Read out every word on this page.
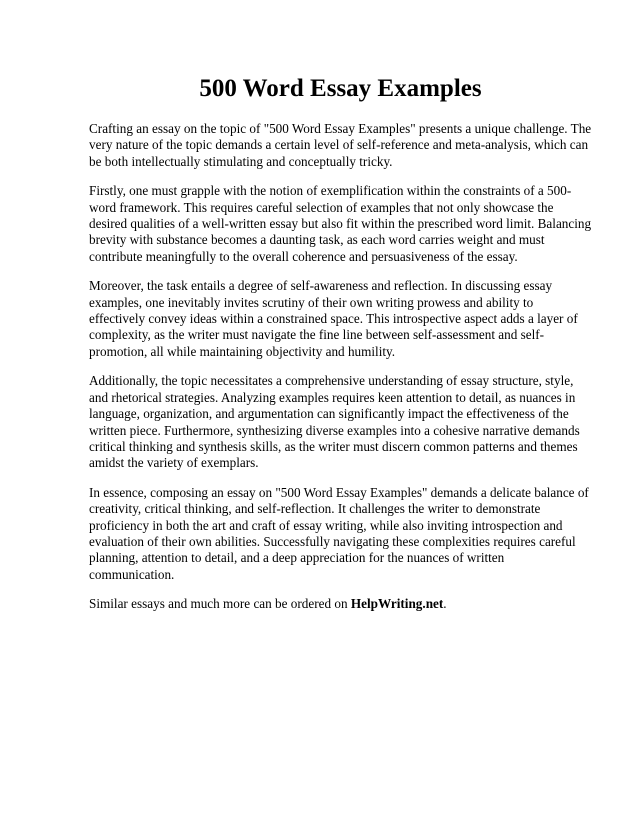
500 Word Essay Examples

Crafting an essay on the topic of "500 Word Essay Examples" presents a unique challenge. The very nature of the topic demands a certain level of self-reference and meta-analysis, which can be both intellectually stimulating and conceptually tricky.

Firstly, one must grapple with the notion of exemplification within the constraints of a 500-word framework. This requires careful selection of examples that not only showcase the desired qualities of a well-written essay but also fit within the prescribed word limit. Balancing brevity with substance becomes a daunting task, as each word carries weight and must contribute meaningfully to the overall coherence and persuasiveness of the essay.

Moreover, the task entails a degree of self-awareness and reflection. In discussing essay examples, one inevitably invites scrutiny of their own writing prowess and ability to effectively convey ideas within a constrained space. This introspective aspect adds a layer of complexity, as the writer must navigate the fine line between self-assessment and self-promotion, all while maintaining objectivity and humility.

Additionally, the topic necessitates a comprehensive understanding of essay structure, style, and rhetorical strategies. Analyzing examples requires keen attention to detail, as nuances in language, organization, and argumentation can significantly impact the effectiveness of the written piece. Furthermore, synthesizing diverse examples into a cohesive narrative demands critical thinking and synthesis skills, as the writer must discern common patterns and themes amidst the variety of exemplars.

In essence, composing an essay on "500 Word Essay Examples" demands a delicate balance of creativity, critical thinking, and self-reflection. It challenges the writer to demonstrate proficiency in both the art and craft of essay writing, while also inviting introspection and evaluation of their own abilities. Successfully navigating these complexities requires careful planning, attention to detail, and a deep appreciation for the nuances of written communication.

Similar essays and much more can be ordered on HelpWriting.net.
